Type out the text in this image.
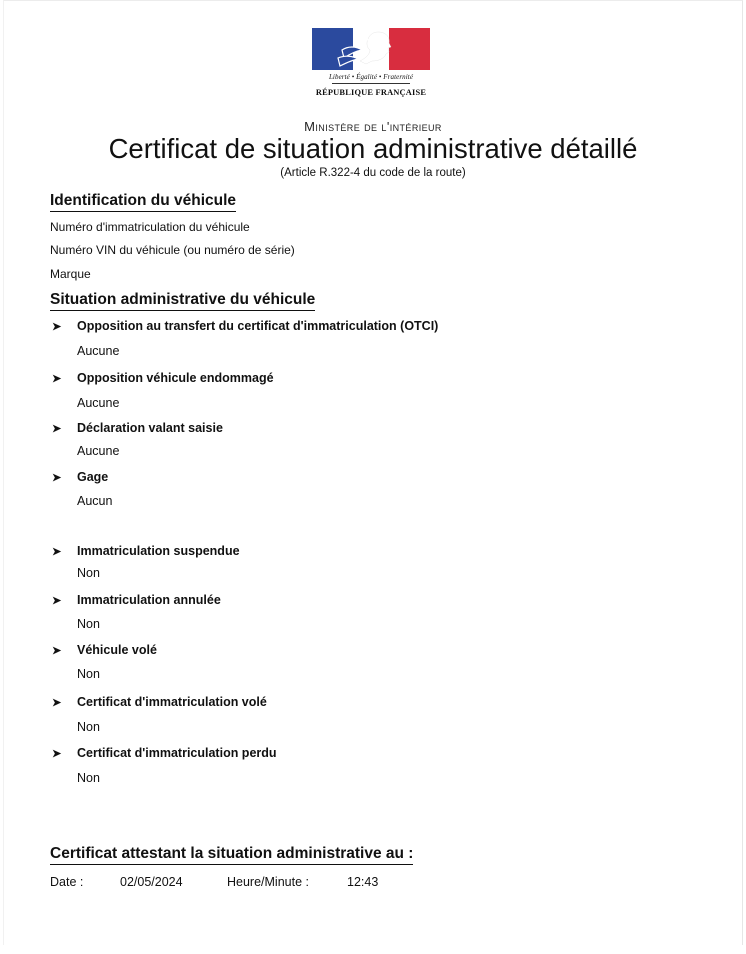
Liberté • Égalité • Fraternité
RÉPUBLIQUE FRANÇAISE
Ministère de l'intérieur
Certificat de situation administrative détaillé
(Article R.322-4 du code de la route)
Identification du véhicule
Numéro d'immatriculation du véhicule
Numéro VIN du véhicule (ou numéro de série)
Marque
Situation administrative du véhicule
➤ Opposition au transfert du certificat d'immatriculation (OTCI)
Aucune
➤ Opposition véhicule endommagé
Aucune
➤ Déclaration valant saisie
Aucune
➤ Gage
Aucun
➤ Immatriculation suspendue
Non
➤ Immatriculation annulée
Non
➤ Véhicule volé
Non
➤ Certificat d'immatriculation volé
Non
➤ Certificat d'immatriculation perdu
Non
Certificat attestant la situation administrative au :
Date :	02/05/2024	Heure/Minute :	12:43
